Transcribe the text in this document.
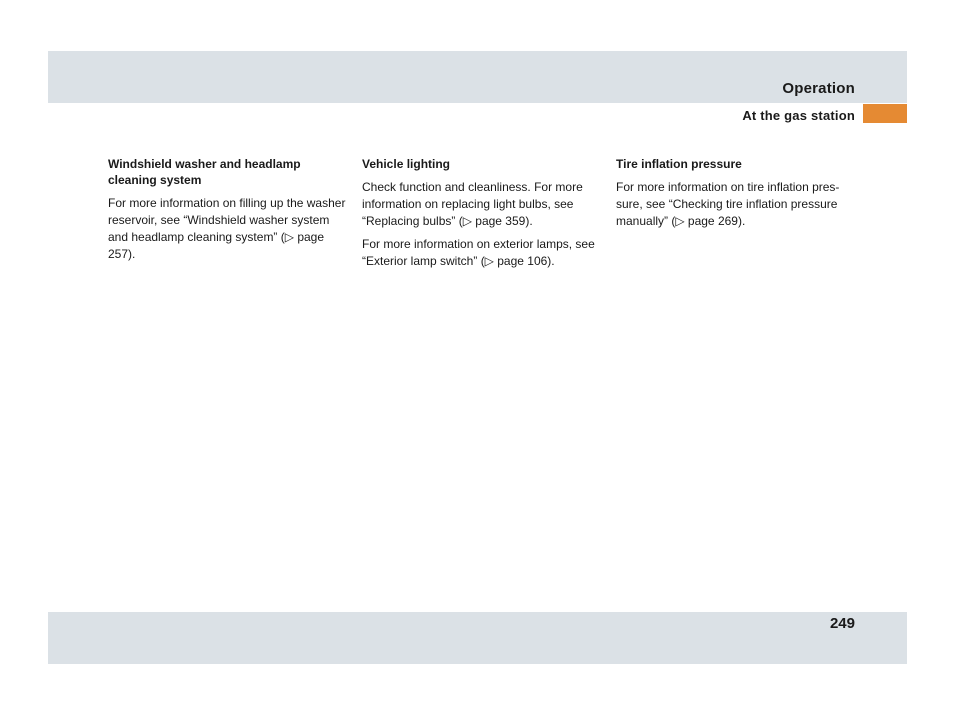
Operation
At the gas station

Windshield washer and headlamp cleaning system

For more information on filling up the washer reservoir, see “Windshield washer system and headlamp cleaning system” (▷ page 257).

Vehicle lighting

Check function and cleanliness. For more information on replacing light bulbs, see “Replacing bulbs” (▷ page 359).

For more information on exterior lamps, see “Exterior lamp switch” (▷ page 106).

Tire inflation pressure

For more information on tire inflation pres-sure, see “Checking tire inflation pressure manually” (▷ page 269).

249
